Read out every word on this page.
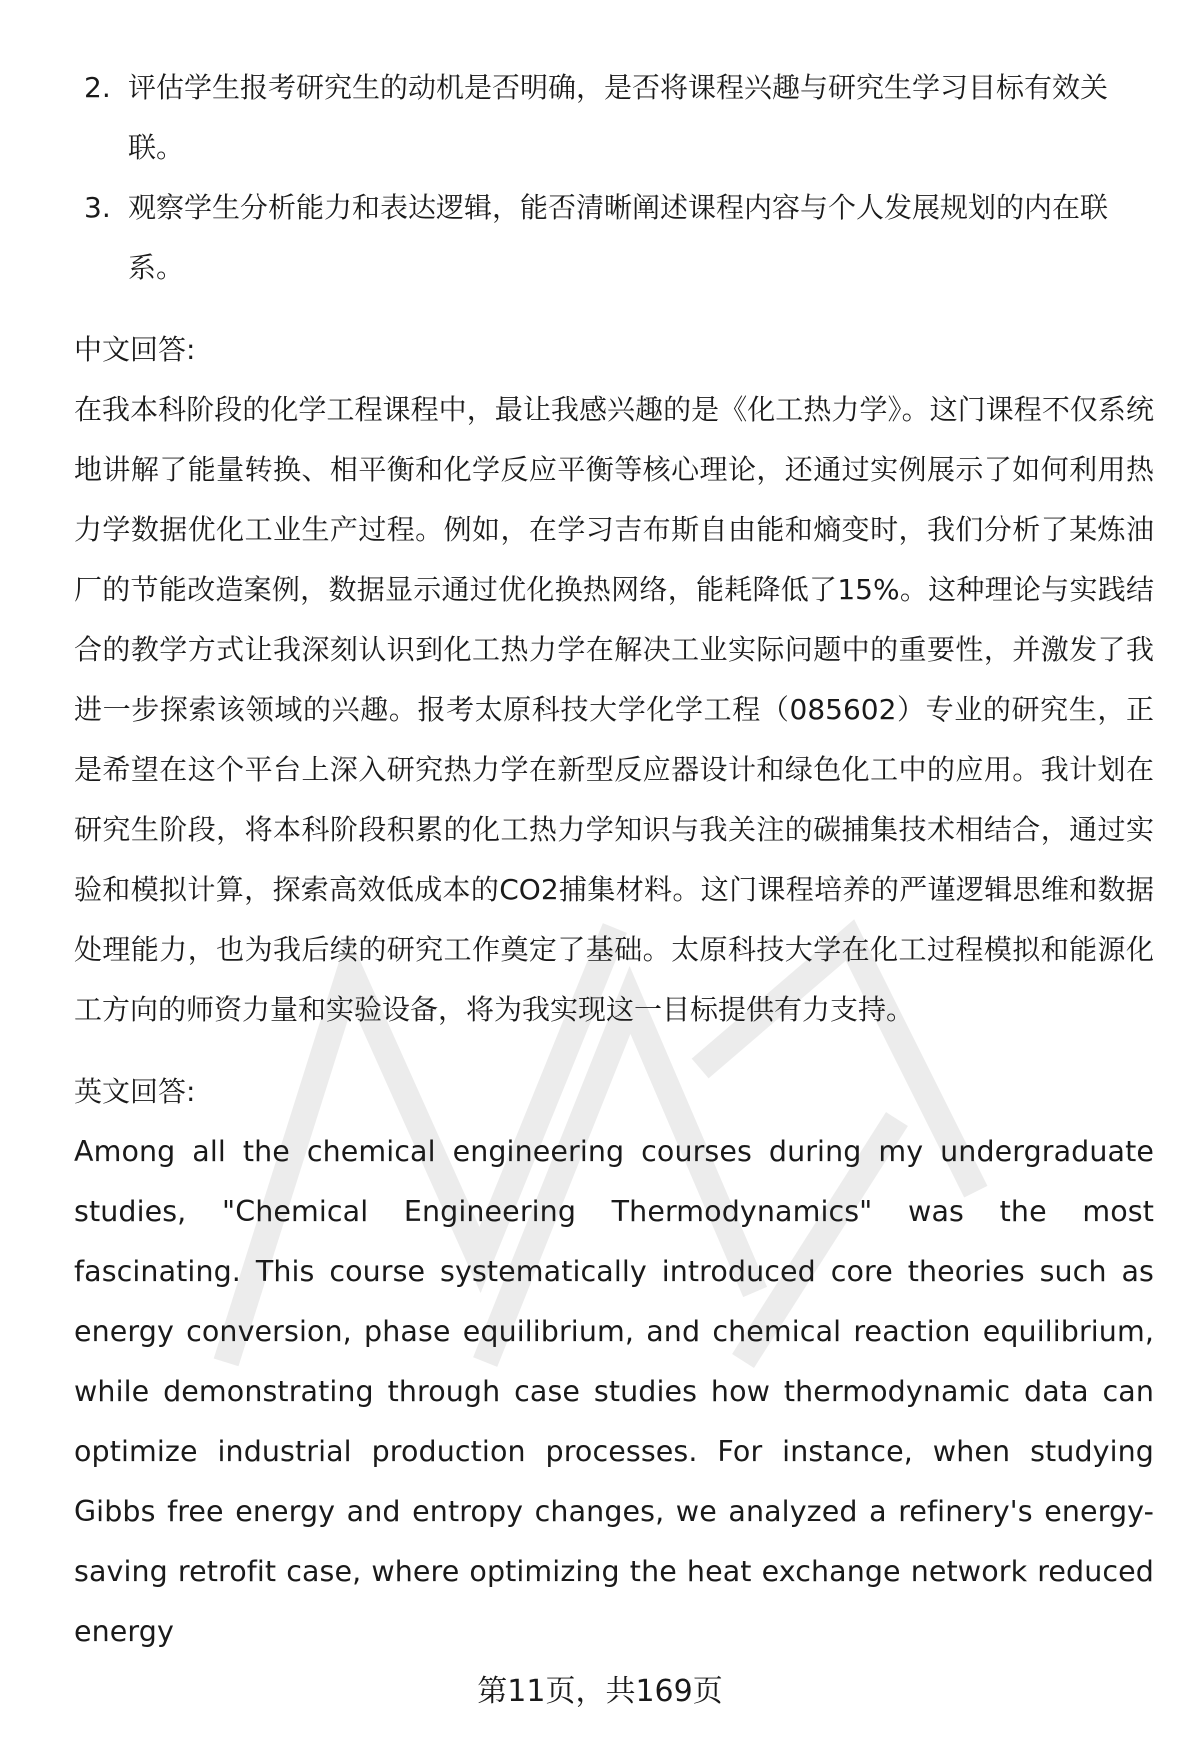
2. 评估学生报考研究生的动机是否明确，是否将课程兴趣与研究生学习目标有效关联。
3. 观察学生分析能力和表达逻辑，能否清晰阐述课程内容与个人发展规划的内在联系。
中文回答:

在我本科阶段的化学工程课程中，最让我感兴趣的是《化工热力学》。这门课程不仅系统地讲解了能量转换、相平衡和化学反应平衡等核心理论，还通过实例展示了如何利用热力学数据优化工业生产过程。例如，在学习吉布斯自由能和熵变时，我们分析了某炼油厂的节能改造案例，数据显示通过优化换热网络，能耗降低了15%。这种理论与实践结合的教学方式让我深刻认识到化工热力学在解决工业实际问题中的重要性，并激发了我进一步探索该领域的兴趣。报考太原科技大学化学工程（085602）专业的研究生，正是希望在这个平台上深入研究热力学在新型反应器设计和绿色化工中的应用。我计划在研究生阶段，将本科阶段积累的化工热力学知识与我关注的碳捕集技术相结合，通过实验和模拟计算，探索高效低成本的CO2捕集材料。这门课程培养的严谨逻辑思维和数据处理能力，也为我后续的研究工作奠定了基础。太原科技大学在化工过程模拟和能源化工方向的师资力量和实验设备，将为我实现这一目标提供有力支持。

英文回答:

Among all the chemical engineering courses during my undergraduate studies, "Chemical Engineering Thermodynamics" was the most fascinating. This course systematically introduced core theories such as energy conversion, phase equilibrium, and chemical reaction equilibrium, while demonstrating through case studies how thermodynamic data can optimize industrial production processes. For instance, when studying Gibbs free energy and entropy changes, we analyzed a refinery's energy-saving retrofit case, where optimizing the heat exchange network reduced energy

第11页，共169页
